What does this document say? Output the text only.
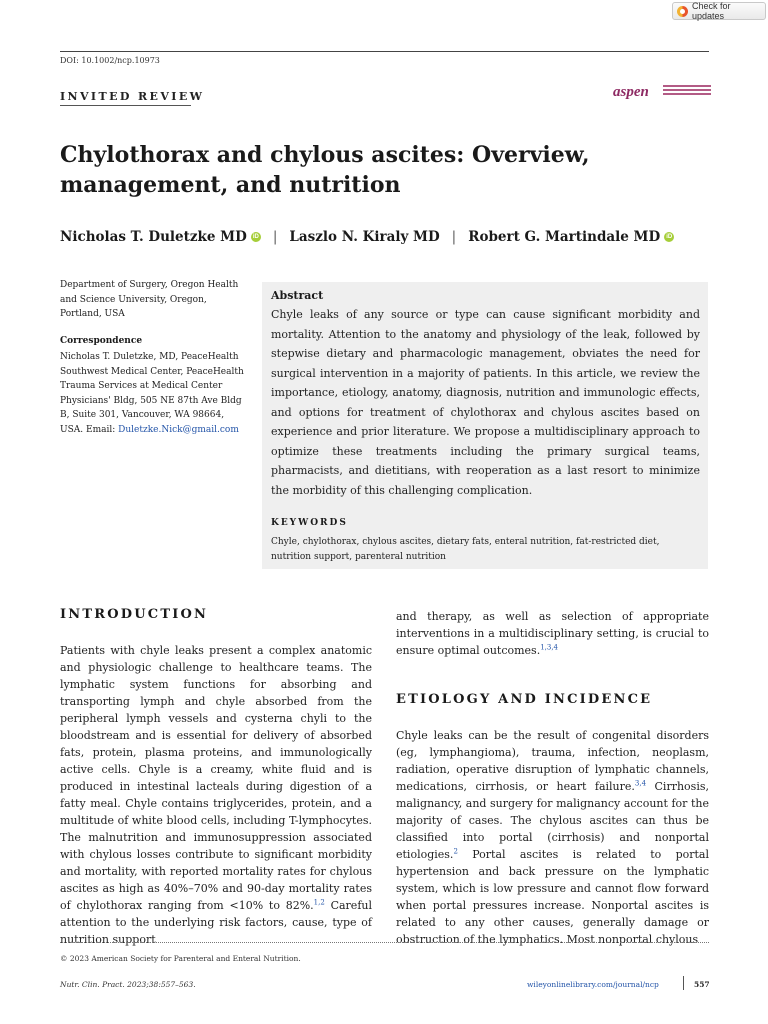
Check for updates
DOI: 10.1002/ncp.10973
INVITED REVIEW	aspen
Chylothorax and chylous ascites: Overview, management, and nutrition
Nicholas T. Duletzke MD	iD | Laszlo N. Kiraly MD | Robert G. Martindale MD	iD
Department of Surgery, Oregon Health and Science University, Oregon, Portland, USA
Correspondence
Nicholas T. Duletzke, MD, PeaceHealth Southwest Medical Center, PeaceHealth Trauma Services at Medical Center Physicians' Bldg, 505 NE 87th Ave Bldg B, Suite 301, Vancouver, WA 98664, USA. Email: Duletzke.Nick@gmail.com
Abstract
Chyle leaks of any source or type can cause significant morbidity and mortality. Attention to the anatomy and physiology of the leak, followed by stepwise dietary and pharmacologic management, obviates the need for surgical intervention in a majority of patients. In this article, we review the importance, etiology, anatomy, diagnosis, nutrition and immunologic effects, and options for treatment of chylothorax and chylous ascites based on experience and prior literature. We propose a multidisciplinary approach to optimize these treatments including the primary surgical teams, pharmacists, and dietitians, with reoperation as a last resort to minimize the morbidity of this challenging complication.
KEYWORDS
Chyle, chylothorax, chylous ascites, dietary fats, enteral nutrition, fat-restricted diet, nutrition support, parenteral nutrition
INTRODUCTION
Patients with chyle leaks present a complex anatomic and physiologic challenge to healthcare teams. The lymphatic system functions for absorbing and transporting lymph and chyle absorbed from the peripheral lymph vessels and cysterna chyli to the bloodstream and is essential for delivery of absorbed fats, protein, plasma proteins, and immunologically active cells. Chyle is a creamy, white fluid and is produced in intestinal lacteals during digestion of a fatty meal. Chyle contains triglycerides, protein, and a multitude of white blood cells, including T-lymphocytes. The malnutrition and immunosuppression associated with chylous losses contribute to significant morbidity and mortality, with reported mortality rates for chylous ascites as high as 40%–70% and 90-day mortality rates of chylothorax ranging from <10% to 82%.$^{1,2}$ Careful attention to the underlying risk factors, cause, type of nutrition support
and therapy, as well as selection of appropriate interventions in a multidisciplinary setting, is crucial to ensure optimal outcomes.$^{1,3,4}$
ETIOLOGY AND INCIDENCE
Chyle leaks can be the result of congenital disorders (eg, lymphangioma), trauma, infection, neoplasm, radiation, operative disruption of lymphatic channels, medications, cirrhosis, or heart failure.$^{3,4}$ Cirrhosis, malignancy, and surgery for malignancy account for the majority of cases. The chylous ascites can thus be classified into portal (cirrhosis) and nonportal etiologies.$^2$ Portal ascites is related to portal hypertension and back pressure on the lymphatic system, which is low pressure and cannot flow forward when portal pressures increase. Nonportal ascites is related to any other causes, generally damage or obstruction of the lymphatics. Most nonportal chylous
© 2023 American Society for Parenteral and Enteral Nutrition.
Nutr. Clin. Pract. 2023;38:557–563.	wileyonlinelibrary.com/journal/ncp	557
